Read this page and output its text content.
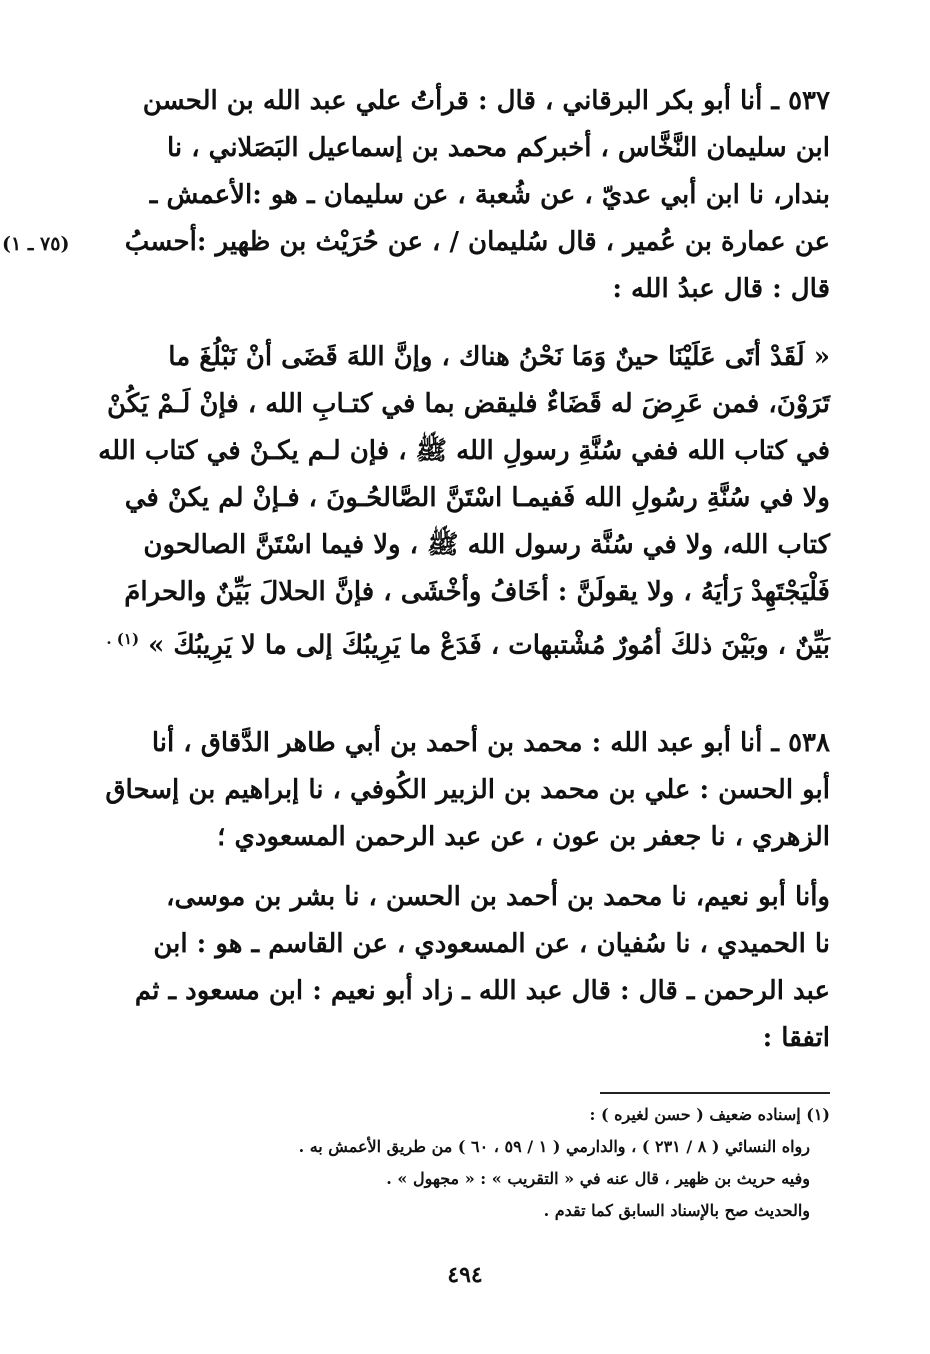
٥٣٧ ـ أنا أبو بكر البرقاني ، قال : قرأتُ علي عبد الله بن الحسن
ابن سليمان النَّخَّاس ، أخبركم محمد بن إسماعيل البَصَلاني ، نا
بندار، نا ابن أبي عديّ ، عن شُعبة ، عن سليمان ـ هو :الأعمش ـ
عن عمارة بن عُمير ، قال سُليمان / ، عن حُرَيْث بن ظهير :أحسبُ
قال : قال عبدُ الله :
(٧٥ ـ ١)
« لَقَدْ أتَى عَلَيْنَا حينٌ وَمَا نَحْنُ هناك ، وإنَّ اللهَ قَضَى أنْ نَبْلُغَ ما
تَرَوْنَ، فمن عَرِضَ له قَضَاءٌ فليقض بما في كتـابِ الله ، فإنْ لَـمْ يَكُنْ
في كتاب الله ففي سُنَّةِ رسولِ الله ﷺ ، فإن لـم يكـنْ في كتاب الله
ولا في سُنَّةِ رسُولِ الله فَفيمـا اسْتَنَّ الصَّالحُـونَ ، فـإنْ لم يكنْ في
كتاب الله، ولا في سُنَّة رسول الله ﷺ ، ولا فيما اسْتَنَّ الصالحون
فَلْيَجْتَهِدْ رَأيَهُ ، ولا يقولَنَّ : أخَافُ وأخْشَى ، فإنَّ الحلالَ بَيِّنٌ والحرامَ
بَيِّنٌ ، وبَيْنَ ذلكَ أمُورٌ مُشْتبهات ، فَدَعْ ما يَرِيبُكَ إلى ما لا يَرِيبُكَ » $^{(١) .}$
٥٣٨ ـ أنا أبو عبد الله : محمد بن أحمد بن أبي طاهر الدَّقاق ، أنا
أبو الحسن : علي بن محمد بن الزبير الكُوفي ، نا إبراهيم بن إسحاق
الزهري ، نا جعفر بن عون ، عن عبد الرحمن المسعودي ؛
وأنا أبو نعيم، نا محمد بن أحمد بن الحسن ، نا بشر بن موسى،
نا الحميدي ، نا سُفيان ، عن المسعودي ، عن القاسم ـ هو : ابن
عبد الرحمن ـ قال : قال عبد الله ـ زاد أبو نعيم : ابن مسعود ـ ثم
اتفقا :
(١) إسناده ضعيف ( حسن لغيره ) :
رواه النسائي ( ٨ / ٢٣١ ) ، والدارمي ( ١ / ٥٩ ، ٦٠ ) من طريق الأعمش به .
وفيه حريث بن ظهير ، قال عنه في « التقريب » : « مجهول » .
والحديث صح بالإسناد السابق كما تقدم .
٤٩٤
